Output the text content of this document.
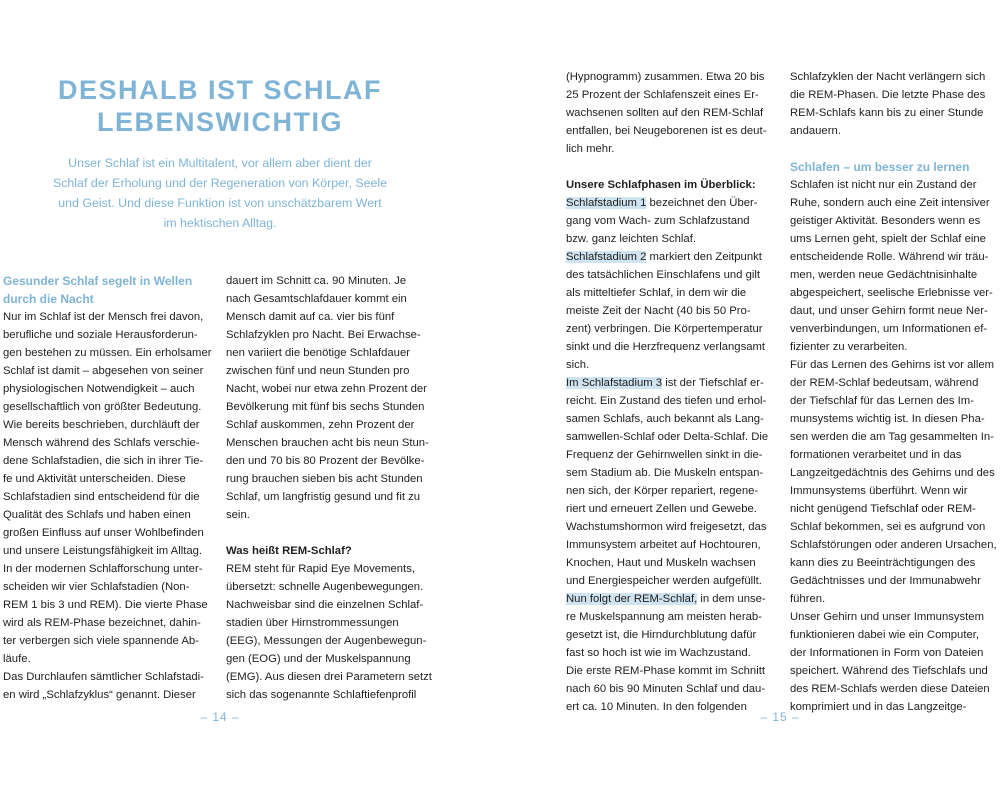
DESHALB IST SCHLAF
LEBENSWICHTIG
Unser Schlaf ist ein Multitalent, vor allem aber dient der
Schlaf der Erholung und der Regeneration von Körper, Seele
und Geist. Und diese Funktion ist von unschätzbarem Wert
im hektischen Alltag.
Gesunder Schlaf segelt in Wellen
durch die Nacht
Nur im Schlaf ist der Mensch frei davon,
berufliche und soziale Herausforderun-
gen bestehen zu müssen. Ein erholsamer
Schlaf ist damit – abgesehen von seiner
physiologischen Notwendigkeit – auch
gesellschaftlich von größter Bedeutung.
Wie bereits beschrieben, durchläuft der
Mensch während des Schlafs verschie-
dene Schlafstadien, die sich in ihrer Tie-
fe und Aktivität unterscheiden. Diese
Schlafstadien sind entscheidend für die
Qualität des Schlafs und haben einen
großen Einfluss auf unser Wohlbefinden
und unsere Leistungsfähigkeit im Alltag.
In der modernen Schlafforschung unter-
scheiden wir vier Schlafstadien (Non-
REM 1 bis 3 und REM). Die vierte Phase
wird als REM-Phase bezeichnet, dahin-
ter verbergen sich viele spannende Ab-
läufe.
Das Durchlaufen sämtlicher Schlafstadi-
en wird „Schlafzyklus“ genannt. Dieser
dauert im Schnitt ca. 90 Minuten. Je
nach Gesamtschlafdauer kommt ein
Mensch damit auf ca. vier bis fünf
Schlafzyklen pro Nacht. Bei Erwachse-
nen variiert die benötige Schlafdauer
zwischen fünf und neun Stunden pro
Nacht, wobei nur etwa zehn Prozent der
Bevölkerung mit fünf bis sechs Stunden
Schlaf auskommen, zehn Prozent der
Menschen brauchen acht bis neun Stun-
den und 70 bis 80 Prozent der Bevölke-
rung brauchen sieben bis acht Stunden
Schlaf, um langfristig gesund und fit zu
sein.
Was heißt REM-Schlaf?
REM steht für Rapid Eye Movements,
übersetzt: schnelle Augenbewegungen.
Nachweisbar sind die einzelnen Schlaf-
stadien über Hirnstrommessungen
(EEG), Messungen der Augenbewegun-
gen (EOG) und der Muskelspannung
(EMG). Aus diesen drei Parametern setzt
sich das sogenannte Schlaftiefenprofil
– 14 –
(Hypnogramm) zusammen. Etwa 20 bis
25 Prozent der Schlafenszeit eines Er-
wachsenen sollten auf den REM-Schlaf
entfallen, bei Neugeborenen ist es deut-
lich mehr.
Unsere Schlafphasen im Überblick:
Schlafstadium 1 bezeichnet den Über-
gang vom Wach- zum Schlafzustand
bzw. ganz leichten Schlaf.
Schlafstadium 2 markiert den Zeitpunkt
des tatsächlichen Einschlafens und gilt
als mitteltiefer Schlaf, in dem wir die
meiste Zeit der Nacht (40 bis 50 Pro-
zent) verbringen. Die Körpertemperatur
sinkt und die Herzfrequenz verlangsamt
sich.
Im Schlafstadium 3 ist der Tiefschlaf er-
reicht. Ein Zustand des tiefen und erhol-
samen Schlafs, auch bekannt als Lang-
samwellen-Schlaf oder Delta-Schlaf. Die
Frequenz der Gehirnwellen sinkt in die-
sem Stadium ab. Die Muskeln entspan-
nen sich, der Körper repariert, regene-
riert und erneuert Zellen und Gewebe.
Wachstumshormon wird freigesetzt, das
Immunsystem arbeitet auf Hochtouren,
Knochen, Haut und Muskeln wachsen
und Energiespeicher werden aufgefüllt.
Nun folgt der REM-Schlaf, in dem unse-
re Muskelspannung am meisten herab-
gesetzt ist, die Hirndurchblutung dafür
fast so hoch ist wie im Wachzustand.
Die erste REM-Phase kommt im Schnitt
nach 60 bis 90 Minuten Schlaf und dau-
ert ca. 10 Minuten. In den folgenden
Schlafzyklen der Nacht verlängern sich
die REM-Phasen. Die letzte Phase des
REM-Schlafs kann bis zu einer Stunde
andauern.
Schlafen – um besser zu lernen
Schlafen ist nicht nur ein Zustand der
Ruhe, sondern auch eine Zeit intensiver
geistiger Aktivität. Besonders wenn es
ums Lernen geht, spielt der Schlaf eine
entscheidende Rolle. Während wir träu-
men, werden neue Gedächtnisinhalte
abgespeichert, seelische Erlebnisse ver-
daut, und unser Gehirn formt neue Ner-
venverbindungen, um Informationen ef-
fizienter zu verarbeiten.
Für das Lernen des Gehirns ist vor allem
der REM-Schlaf bedeutsam, während
der Tiefschlaf für das Lernen des Im-
munsystems wichtig ist. In diesen Pha-
sen werden die am Tag gesammelten In-
formationen verarbeitet und in das
Langzeitgedächtnis des Gehirns und des
Immunsystems überführt. Wenn wir
nicht genügend Tiefschlaf oder REM-
Schlaf bekommen, sei es aufgrund von
Schlafstörungen oder anderen Ursachen,
kann dies zu Beeinträchtigungen des
Gedächtnisses und der Immunabwehr
führen.
Unser Gehirn und unser Immunsystem
funktionieren dabei wie ein Computer,
der Informationen in Form von Dateien
speichert. Während des Tiefschlafs und
des REM-Schlafs werden diese Dateien
komprimiert und in das Langzeitge-
– 15 –
